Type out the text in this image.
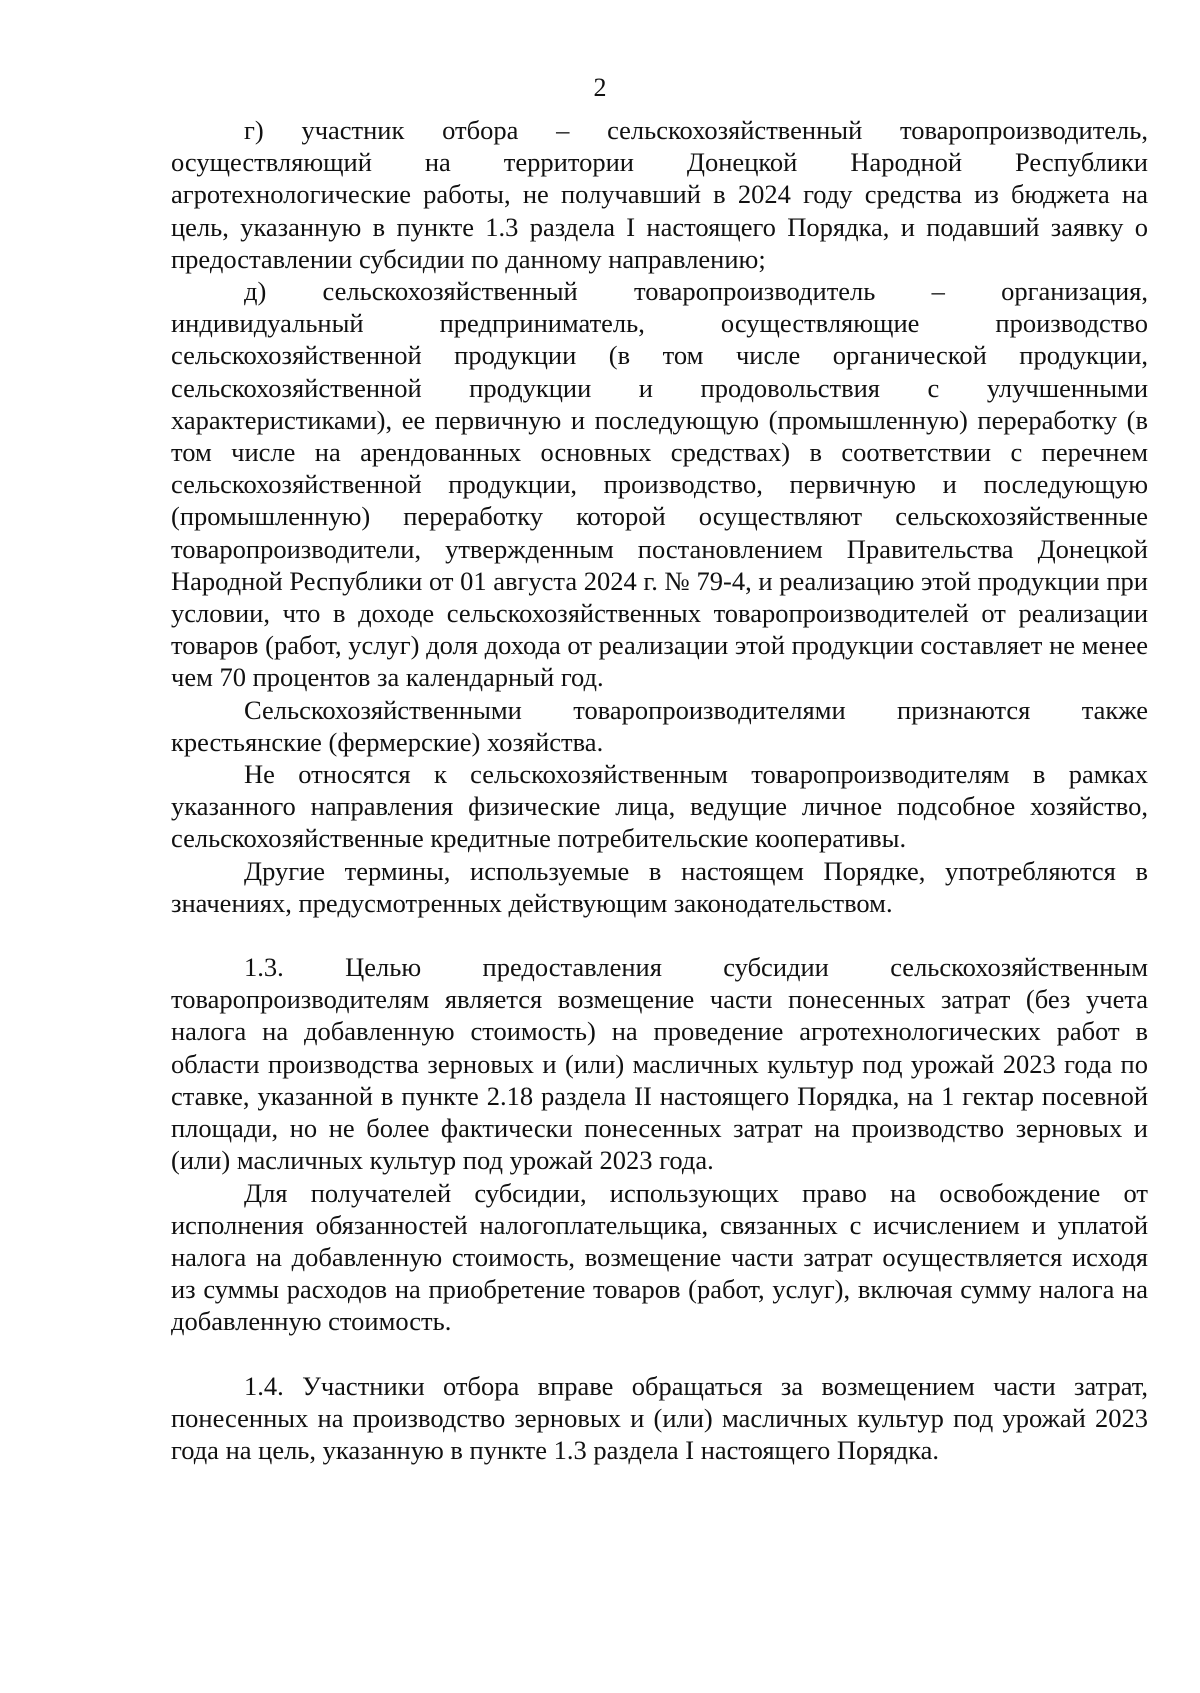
2

г) участник отбора – сельскохозяйственный товаропроизводитель, осуществляющий на территории Донецкой Народной Республики агротехнологические работы, не получавший в 2024 году средства из бюджета на цель, указанную в пункте 1.3 раздела I настоящего Порядка, и подавший заявку о предоставлении субсидии по данному направлению;

д) сельскохозяйственный товаропроизводитель – организация, индивидуальный предприниматель, осуществляющие производство сельскохозяйственной продукции (в том числе органической продукции, сельскохозяйственной продукции и продовольствия с улучшенными характеристиками), ее первичную и последующую (промышленную) переработку (в том числе на арендованных основных средствах) в соответствии с перечнем сельскохозяйственной продукции, производство, первичную и последующую (промышленную) переработку которой осуществляют сельскохозяйственные товаропроизводители, утвержденным постановлением Правительства Донецкой Народной Республики от 01 августа 2024 г. № 79-4, и реализацию этой продукции при условии, что в доходе сельскохозяйственных товаропроизводителей от реализации товаров (работ, услуг) доля дохода от реализации этой продукции составляет не менее чем 70 процентов за календарный год.

Сельскохозяйственными товаропроизводителями признаются также крестьянские (фермерские) хозяйства.

Не относятся к сельскохозяйственным товаропроизводителям в рамках указанного направления физические лица, ведущие личное подсобное хозяйство, сельскохозяйственные кредитные потребительские кооперативы.

Другие термины, используемые в настоящем Порядке, употребляются в значениях, предусмотренных действующим законодательством.

1.3. Целью предоставления субсидии сельскохозяйственным товаропроизводителям является возмещение части понесенных затрат (без учета налога на добавленную стоимость) на проведение агротехнологических работ в области производства зерновых и (или) масличных культур под урожай 2023 года по ставке, указанной в пункте 2.18 раздела II настоящего Порядка, на 1 гектар посевной площади, но не более фактически понесенных затрат на производство зерновых и (или) масличных культур под урожай 2023 года.

Для получателей субсидии, использующих право на освобождение от исполнения обязанностей налогоплательщика, связанных с исчислением и уплатой налога на добавленную стоимость, возмещение части затрат осуществляется исходя из суммы расходов на приобретение товаров (работ, услуг), включая сумму налога на добавленную стоимость.

1.4. Участники отбора вправе обращаться за возмещением части затрат, понесенных на производство зерновых и (или) масличных культур под урожай 2023 года на цель, указанную в пункте 1.3 раздела I настоящего Порядка.
